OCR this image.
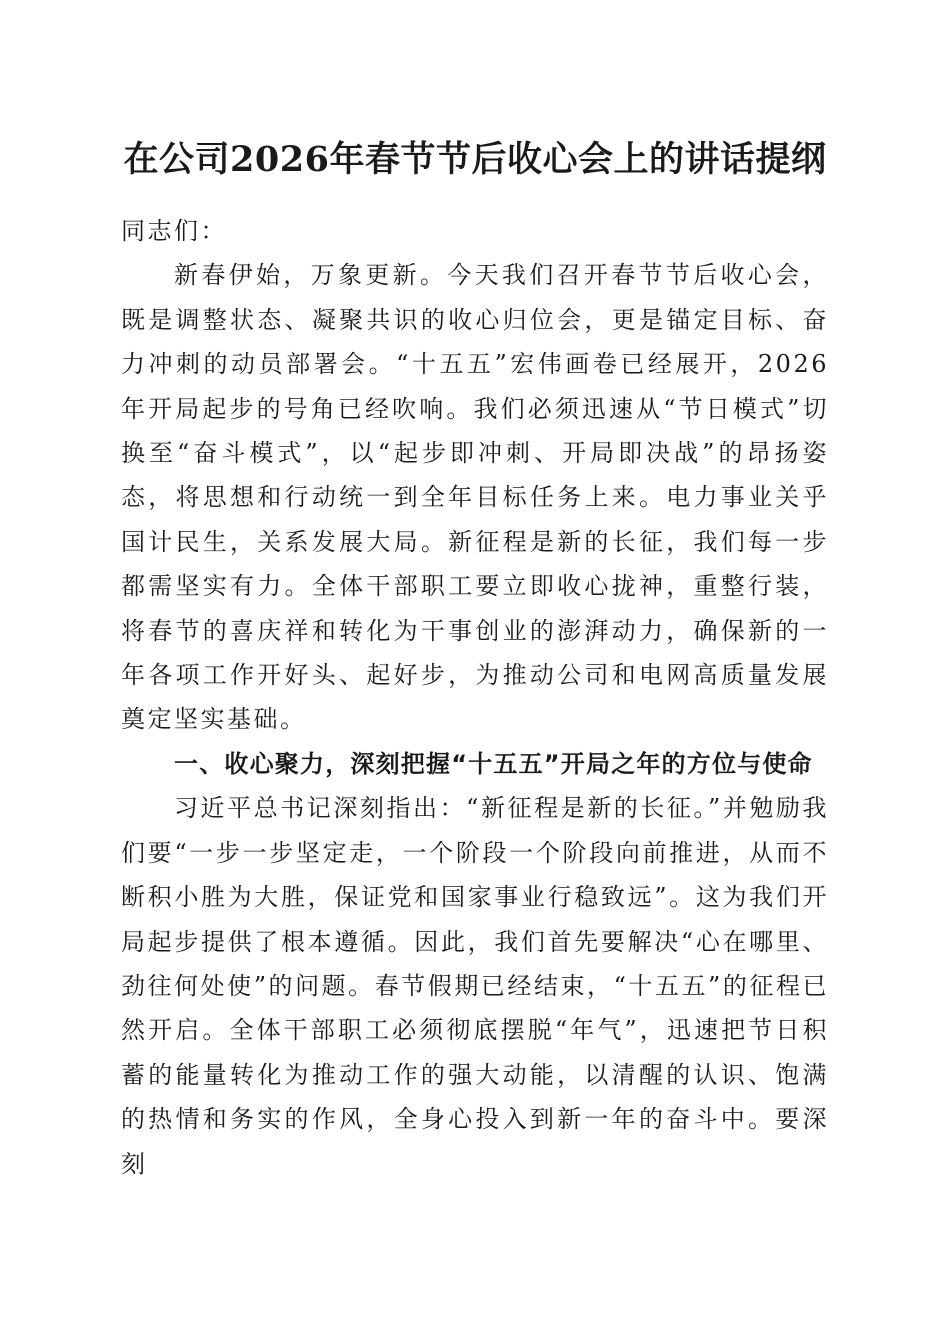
在公司2026年春节节后收心会上的讲话提纲

同志们：

新春伊始，万象更新。今天我们召开春节节后收心会，既是调整状态、凝聚共识的收心归位会，更是锚定目标、奋力冲刺的动员部署会。“十五五”宏伟画卷已经展开，2026年开局起步的号角已经吹响。我们必须迅速从“节日模式”切换至“奋斗模式”，以“起步即冲刺、开局即决战”的昂扬姿态，将思想和行动统一到全年目标任务上来。电力事业关乎国计民生，关系发展大局。新征程是新的长征，我们每一步都需坚实有力。全体干部职工要立即收心拢神，重整行装，将春节的喜庆祥和转化为干事创业的澎湃动力，确保新的一年各项工作开好头、起好步，为推动公司和电网高质量发展奠定坚实基础。

一、收心聚力，深刻把握“十五五”开局之年的方位与使命

习近平总书记深刻指出：“新征程是新的长征。”并勉励我们要“一步一步坚定走，一个阶段一个阶段向前推进，从而不断积小胜为大胜，保证党和国家事业行稳致远”。这为我们开局起步提供了根本遵循。因此，我们首先要解决“心在哪里、劲往何处使”的问题。春节假期已经结束，“十五五”的征程已然开启。全体干部职工必须彻底摆脱“年气”，迅速把节日积蓄的能量转化为推动工作的强大动能，以清醒的认识、饱满的热情和务实的作风，全身心投入到新一年的奋斗中。要深刻
